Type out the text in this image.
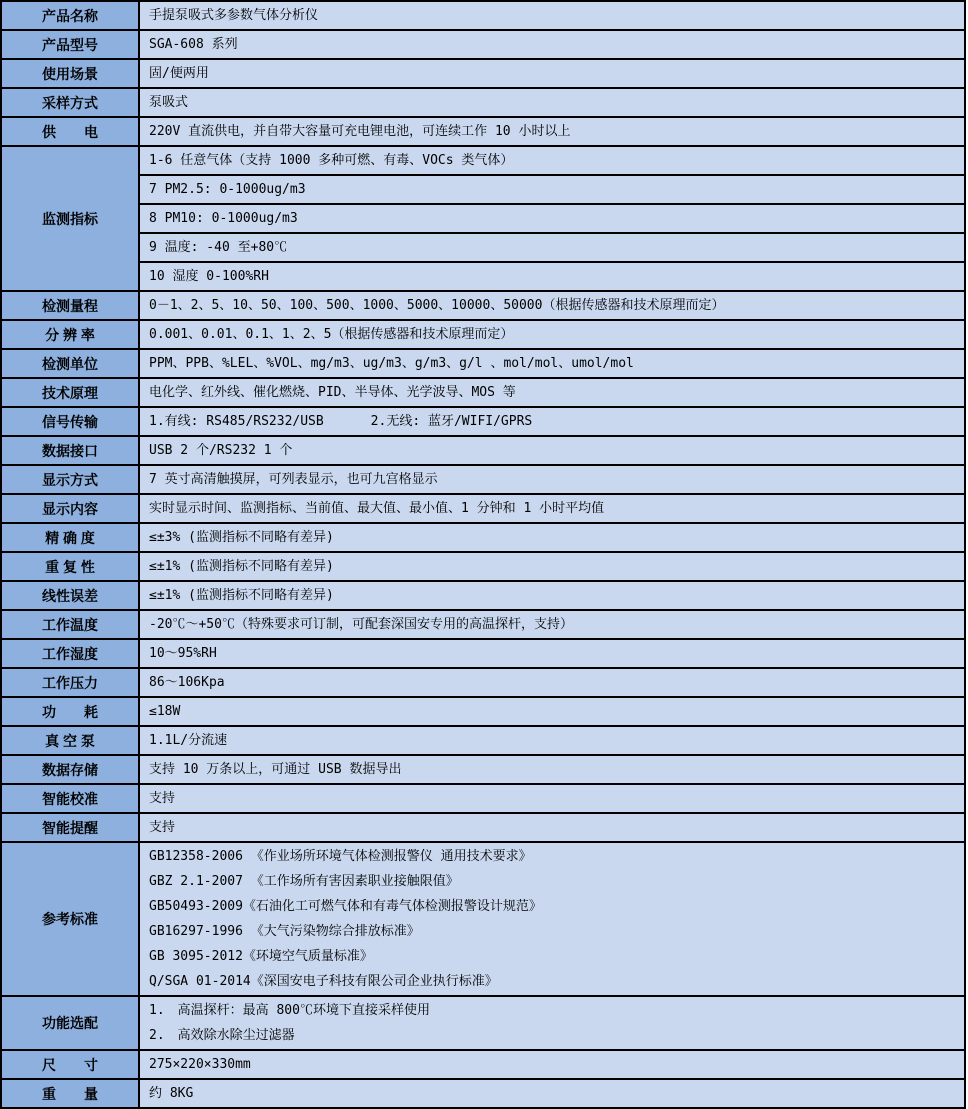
产品名称	手提泵吸式多参数气体分析仪

产品型号	SGA-608 系列

使用场景	固/便两用

采样方式	泵吸式

供　　电	220V 直流供电，并自带大容量可充电锂电池，可连续工作 10 小时以上

监测指标	1-6 任意气体（支持 1000 多种可燃、有毒、VOCs 类气体）

	7 PM2.5: 0-1000ug/m3

	8 PM10: 0-1000ug/m3

	9 温度: -40 至+80℃

	10 湿度 0-100%RH

检测量程	0－1、2、5、10、50、100、500、1000、5000、10000、50000（根据传感器和技术原理而定）

分 辨 率	0.001、0.01、0.1、1、2、5（根据传感器和技术原理而定）

检测单位	PPM、PPB、%LEL、%VOL、mg/m3、ug/m3、g/m3、g/l 、mol/mol、umol/mol

技术原理	电化学、红外线、催化燃烧、PID、半导体、光学波导、MOS 等

信号传输	1.有线: RS485/RS232/USB      2.无线: 蓝牙/WIFI/GPRS

数据接口	USB 2 个/RS232 1 个

显示方式	7 英寸高清触摸屏，可列表显示，也可九宫格显示

显示内容	实时显示时间、监测指标、当前值、最大值、最小值、1 分钟和 1 小时平均值

精 确 度	≤±3% (监测指标不同略有差异)

重 复 性	≤±1% (监测指标不同略有差异)

线性误差	≤±1% (监测指标不同略有差异)

工作温度	-20℃～+50℃（特殊要求可订制，可配套深国安专用的高温探杆，支持）

工作湿度	10～95%RH

工作压力	86～106Kpa

功　　耗	≤18W

真 空 泵	1.1L/分流速

数据存储	支持 10 万条以上，可通过 USB 数据导出

智能校准	支持

智能提醒	支持

参考标准	
GB12358-2006 《作业场所环境气体检测报警仪 通用技术要求》
GBZ 2.1-2007 《工作场所有害因素职业接触限值》
GB50493-2009《石油化工可燃气体和有毒气体检测报警设计规范》
GB16297-1996 《大气污染物综合排放标准》
GB 3095-2012《环境空气质量标准》
Q/SGA 01-2014《深国安电子科技有限公司企业执行标准》

功能选配	1.　高温探杆：最高 800℃环境下直接采样使用
2.　高效除水除尘过滤器

尺　　寸	275×220×330mm

重　　量	约 8KG
